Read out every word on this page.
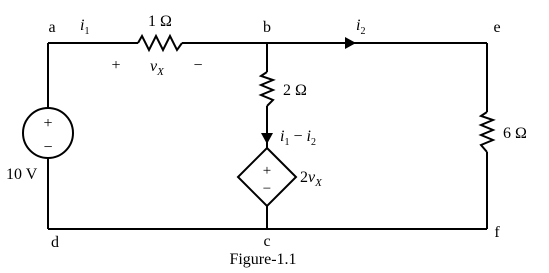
+
−
+
−
a	b	e
d	c
f
1 Ω
2 Ω
6 Ω
10 V
$i_1$	$i_2$
$i_1 - i_2$
+	−
$v_X$
$2v_X$
Figure-1.1
